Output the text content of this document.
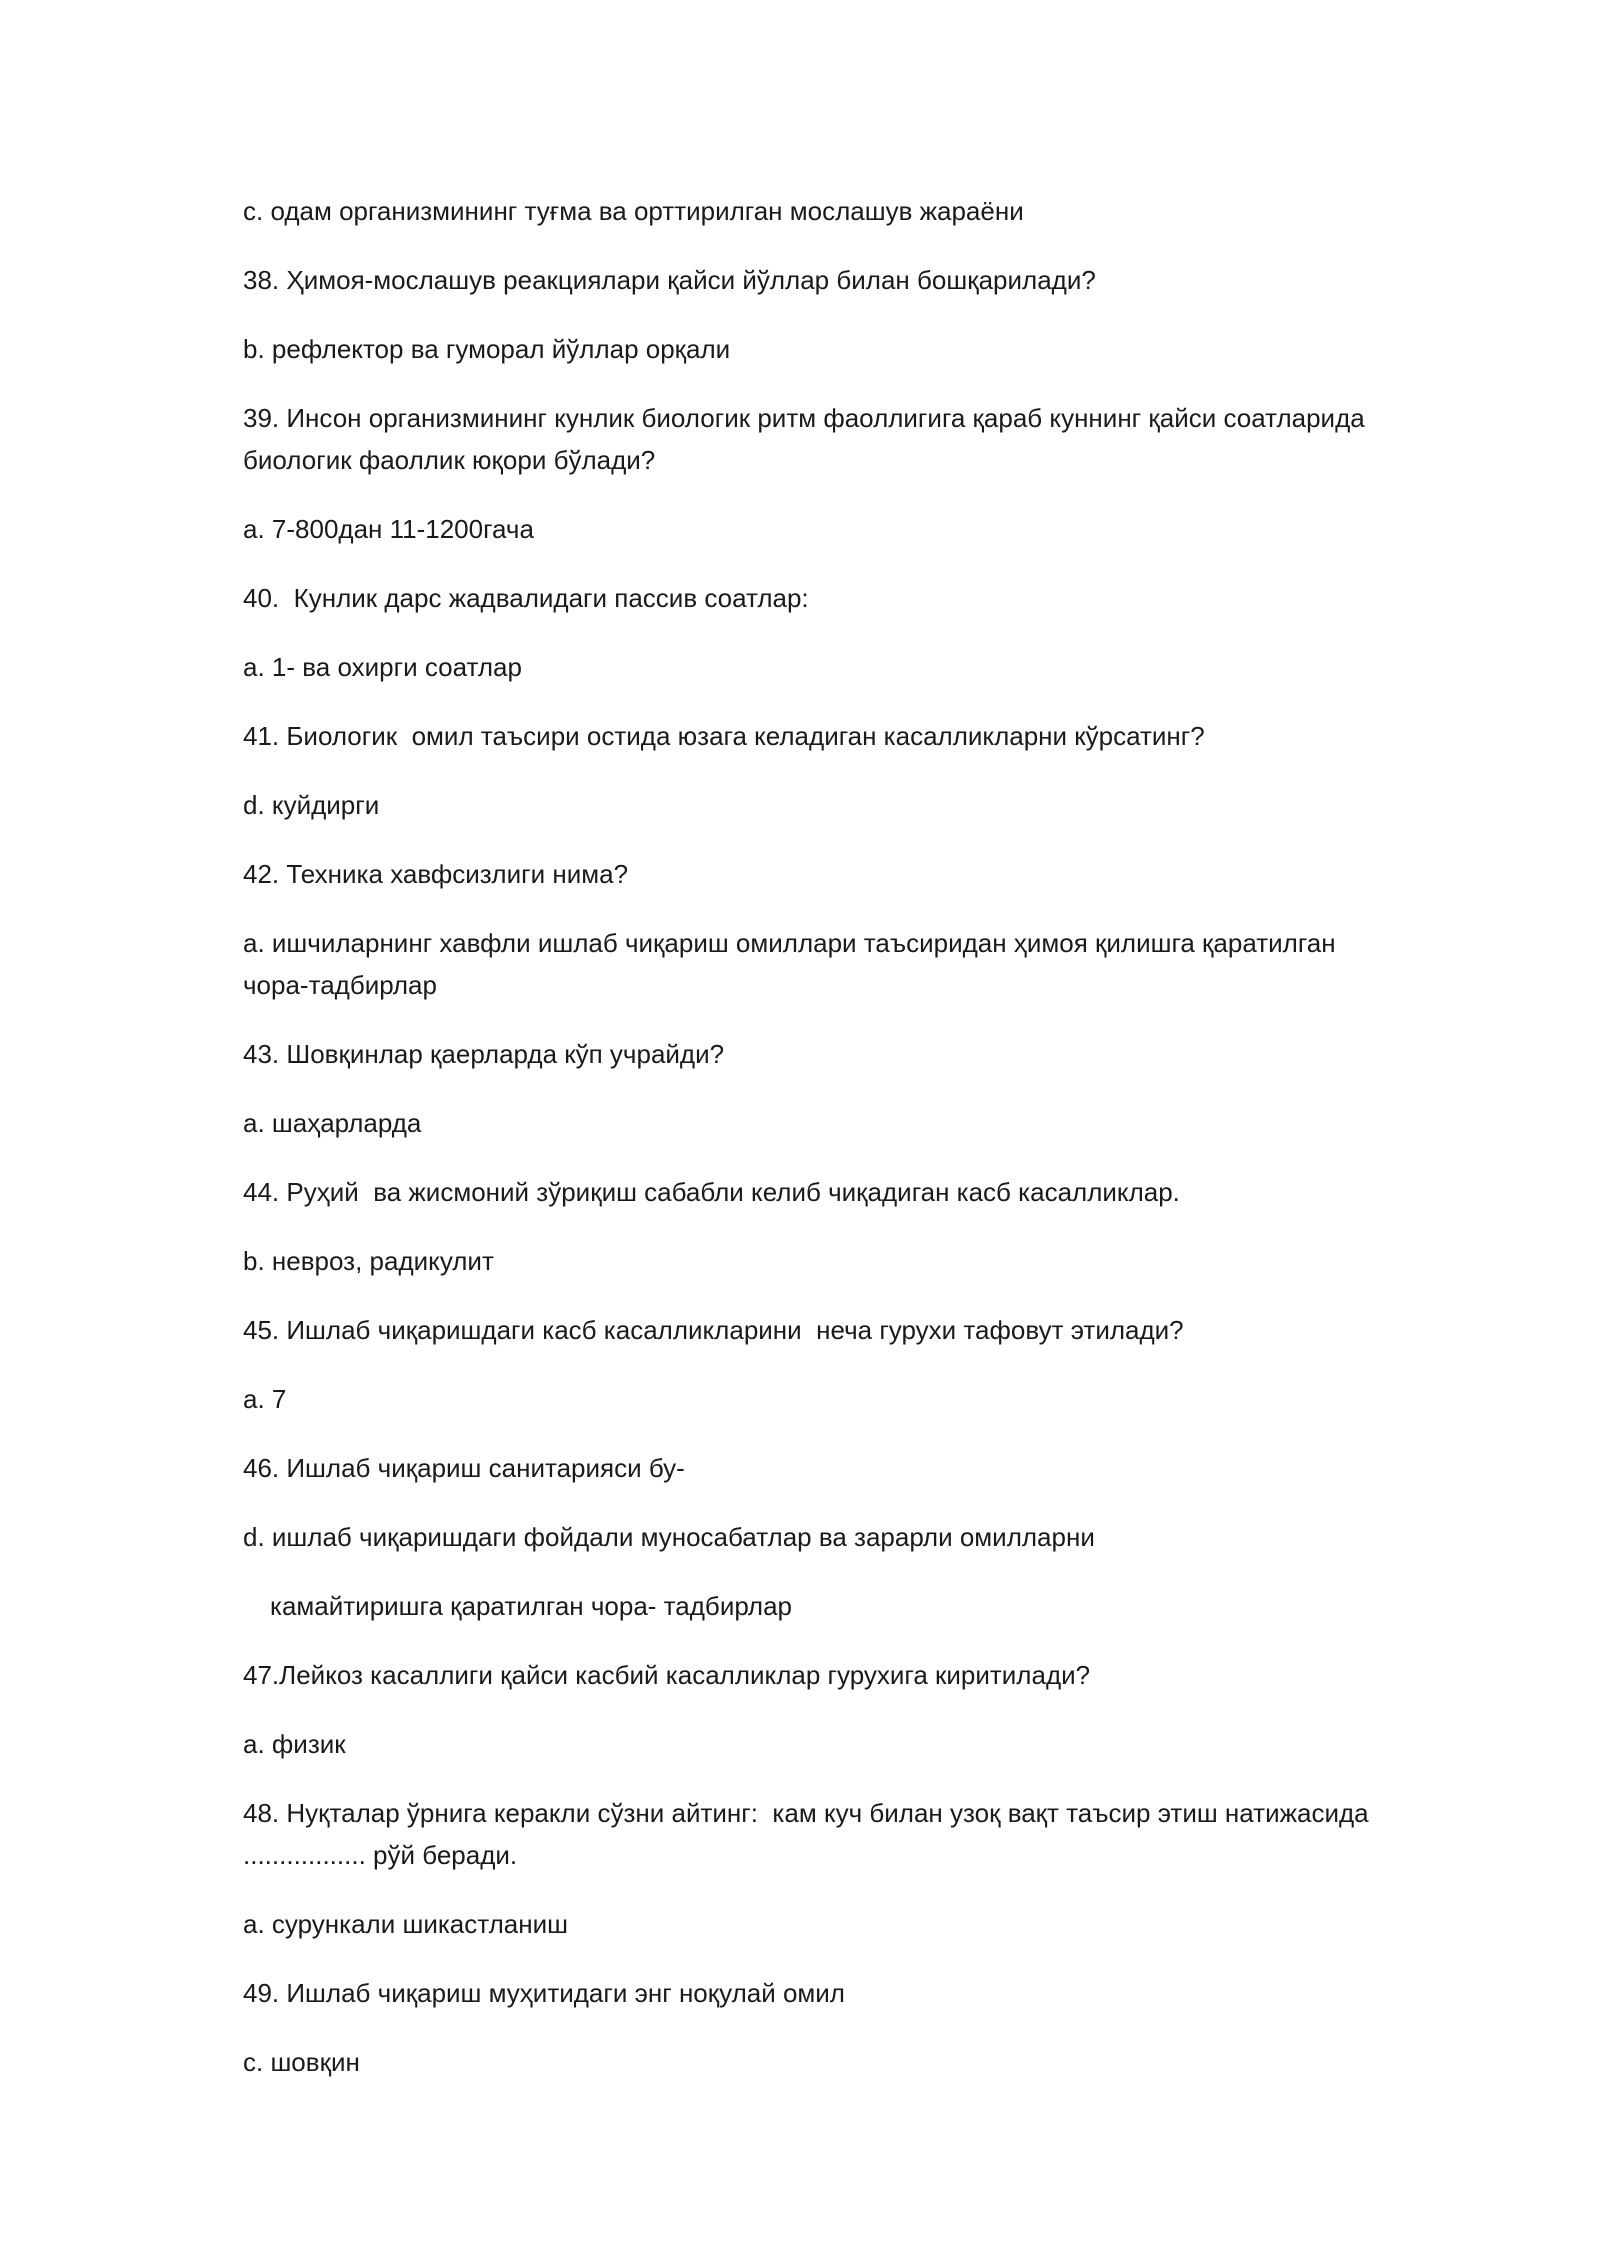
c. одам организмининг туғма ва орттирилган мослашув жараёни

38. Ҳимоя-мослашув реакциялари қайси йўллар билан бошқарилади?

b. рефлектор ва гуморал йўллар орқали

39. Инсон организмининг кунлик биологик ритм фаоллигига қараб куннинг қайси соатларида биологик фаоллик юқори бўлади?

a. 7-800дан 11-1200гача

40.  Кунлик дарс жадвалидаги пассив соатлар:

a. 1- ва охирги соатлар

41. Биологик  омил таъсири остида юзага келадиган касалликларни кўрсатинг?

d. куйдирги

42. Техника хавфсизлиги нима?

a. ишчиларнинг хавфли ишлаб чиқариш омиллари таъсиридан ҳимоя қилишга қаратилган чора-тадбирлар

43. Шовқинлар қаерларда кўп учрайди?

a. шаҳарларда

44. Руҳий  ва жисмоний зўриқиш сабабли келиб чиқадиган касб касалликлар.

b. невроз, радикулит

45. Ишлаб чиқаришдаги касб касалликларини  неча гурухи тафовут этилади?

a. 7

46. Ишлаб чиқариш санитарияси бу-

d. ишлаб чиқаришдаги фойдали муносабатлар ва зарарли омилларни

камайтиришга қаратилган чора- тадбирлар

47.Лейкоз касаллиги қайси касбий касалликлар гурухига киритилади?

a. физик

48. Нуқталар ўрнига керакли сўзни айтинг:  кам куч билан узоқ вақт таъсир этиш натижасида  ................. рўй беради.

a. сурункали шикастланиш

49. Ишлаб чиқариш муҳитидаги энг ноқулай омил

c. шовқин
